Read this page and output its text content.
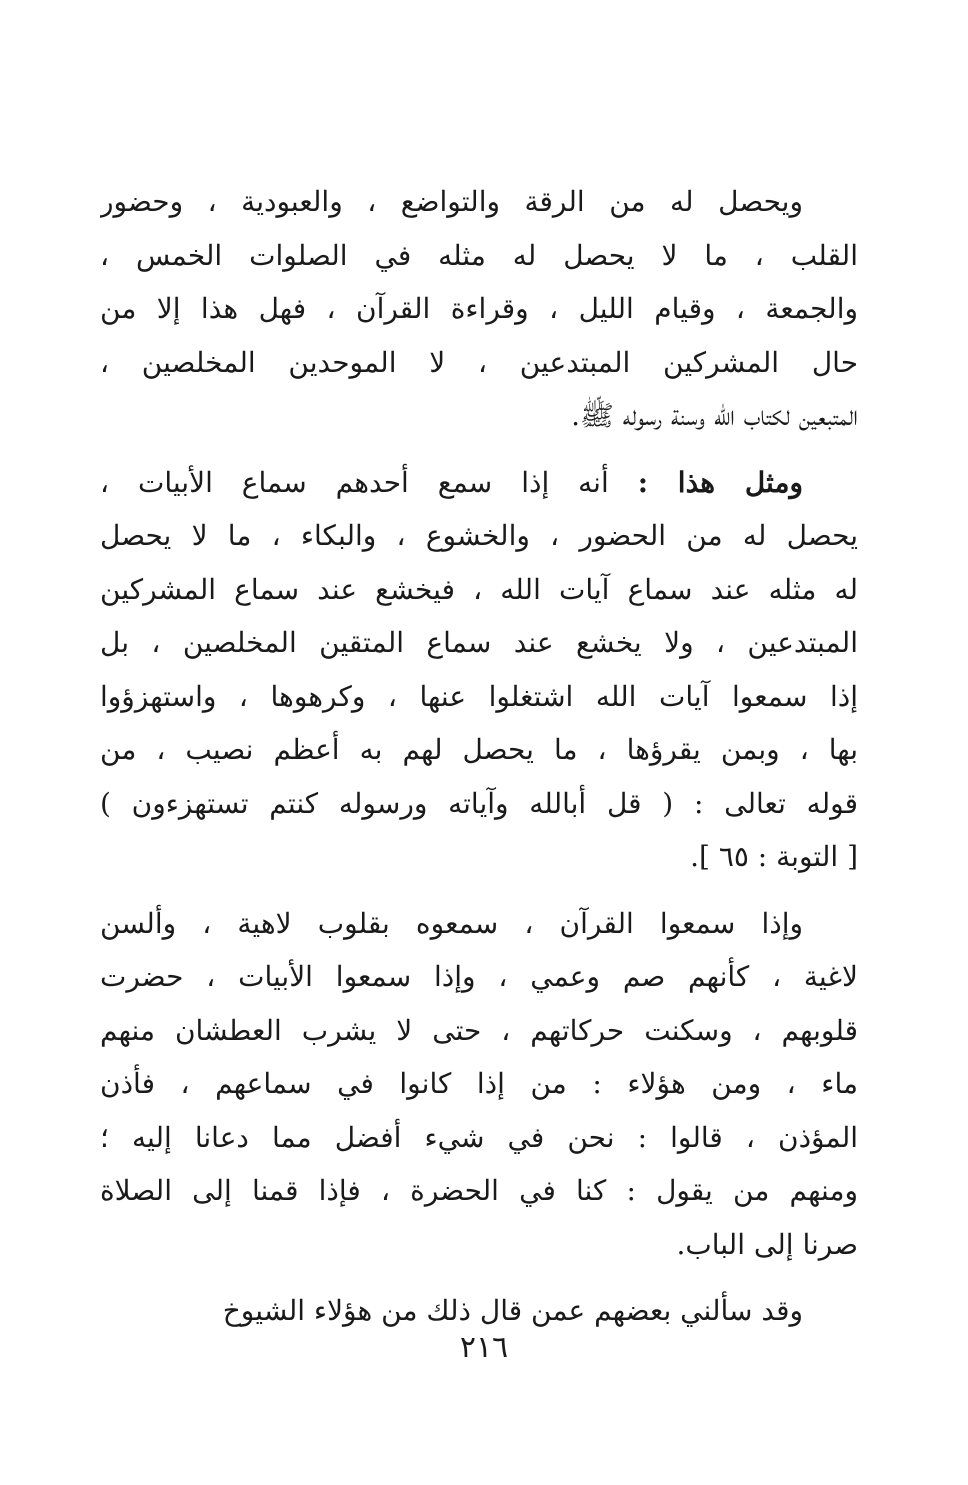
ويحصل له من الرقة والتواضع ، والعبودية ، وحضور
القلب ، ما لا يحصل له مثله في الصلوات الخمس ،
والجمعة ، وقيام الليل ، وقراءة القرآن ، فهل هذا إلا من
حال المشركين المبتدعين ، لا الموحدين المخلصين ،
المتبعين لكتاب الله وسنة رسوله ﷺ.

ومثل هذا : أنه إذا سمع أحدهم سماع الأبيات ،
يحصل له من الحضور ، والخشوع ، والبكاء ، ما لا يحصل
له مثله عند سماع آيات الله ، فيخشع عند سماع المشركين
المبتدعين ، ولا يخشع عند سماع المتقين المخلصين ، بل
إذا سمعوا آيات الله اشتغلوا عنها ، وكرهوها ، واستهزؤوا
بها ، وبمن يقرؤها ، ما يحصل لهم به أعظم نصيب ، من
قوله تعالى : ( قل أبالله وآياته ورسوله كنتم تستهزءون )
[ التوبة : ٦٥ ].

وإذا سمعوا القرآن ، سمعوه بقلوب لاهية ، وألسن
لاغية ، كأنهم صم وعمي ، وإذا سمعوا الأبيات ، حضرت
قلوبهم ، وسكنت حركاتهم ، حتى لا يشرب العطشان منهم
ماء ، ومن هؤلاء : من إذا كانوا في سماعهم ، فأذن
المؤذن ، قالوا : نحن في شيء أفضل مما دعانا إليه ؛
ومنهم من يقول : كنا في الحضرة ، فإذا قمنا إلى الصلاة
صرنا إلى الباب.

وقد سألني بعضهم عمن قال ذلك من هؤلاء الشيوخ

٢١٦
